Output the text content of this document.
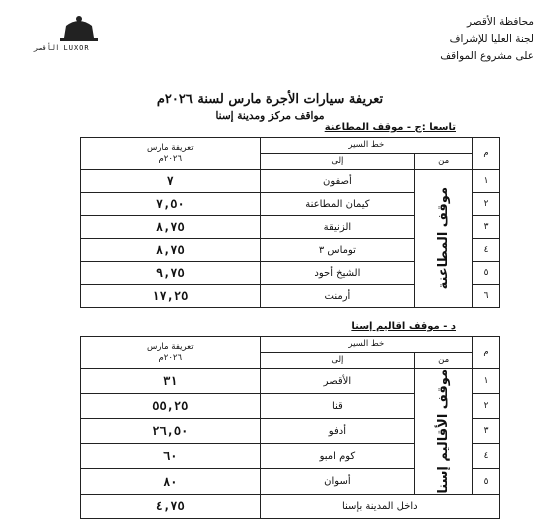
محافظة الأقصر
لجنة العليا للإشراف
على مشروع المواقف
الأقصر LUXOR
تعريفة سيارات الأجرة مارس لسنة ٢٠٢٦م
مواقف مركز ومدينة إسنا
تاسعا :ج - موقف المطاعنة
م	خط السير		تعريفة مارس
٢٠٢٦م

	من	إلى	
١	موقف المطاعنة	أصفون	٧
٢		كيمان المطاعنة	٧,٥٠
٣		الزنيقة	٨,٧٥
٤		توماس ٣	٨,٧٥
٥		الشيخ أحود	٩,٧٥
٦		أرمنت	١٧,٢٥
د - موقف اقاليم إسنا
م	خط السير		تعريفة مارس
٢٠٢٦م

	من	إلى	
١	موقف الأقاليم إسنا	الأقصر	٣١
٢		قنا	٥٥,٢٥
٣		أدفو	٢٦,٥٠
٤		كوم امبو	٦٠
٥		أسوان	٨٠
داخل المدينة بإسنا			٤,٧٥
